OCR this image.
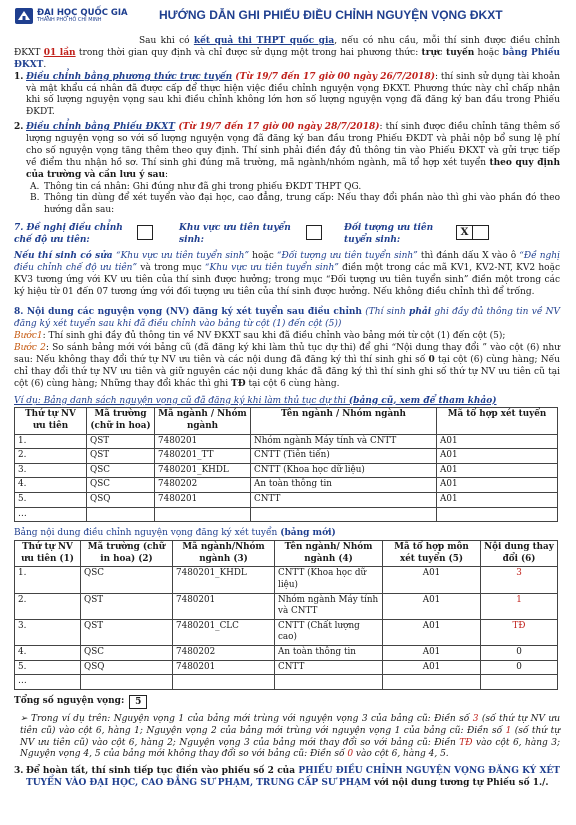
ĐẠI HỌC QUỐC GIA
THÀNH PHỐ HỒ CHÍ MINH	HƯỚNG DẪN GHI PHIẾU ĐIỀU CHỈNH NGUYỆN VỌNG ĐKXT

Sau khi có kết quả thi THPT quốc gia, nếu có nhu cầu, mỗi thí sinh được điều chỉnh ĐKXT 01 lần trong thời gian quy định và chỉ được sử dụng một trong hai phương thức: trực tuyến hoặc bằng Phiếu ĐKXT.

1. Điều chỉnh bằng phương thức trực tuyến (Từ 19/7 đến 17 giờ 00 ngày 26/7/2018): thí sinh sử dụng tài khoản và mật khẩu cá nhân đã được cấp để thực hiện việc điều chỉnh nguyện vọng ĐKXT. Phương thức này chỉ chấp nhận khi số lượng nguyện vọng sau khi điều chỉnh không lớn hơn số lượng nguyện vọng đã đăng ký ban đầu trong Phiếu ĐKDT.

2. Điều chỉnh bằng Phiếu ĐKXT (Từ 19/7 đến 17 giờ 00 ngày 28/7/2018): thí sinh được điều chỉnh tăng thêm số lượng nguyện vọng so với số lượng nguyện vọng đã đăng ký ban đầu trong Phiếu ĐKDT và phải nộp bổ sung lệ phí cho số nguyện vọng tăng thêm theo quy định. Thí sinh phải điền đầy đủ thông tin vào Phiếu ĐKXT và gửi trực tiếp về điểm thu nhận hồ sơ. Thí sinh ghi đúng mã trường, mã ngành/nhóm ngành, mã tổ hợp xét tuyển theo quy định của trường và cần lưu ý sau:

A. Thông tin cá nhân: Ghi đúng như đã ghi trong phiếu ĐKDT THPT QG.

B. Thông tin dùng để xét tuyển vào đại học, cao đẳng, trung cấp: Nếu thay đổi phần nào thì ghi vào phần đó theo hướng dẫn sau:

7. Đề nghị điều chỉnh chế độ ưu tiên:
Khu vực ưu tiên tuyển sinh:
Đối tượng ưu tiên tuyển sinh:
X

Nếu thí sinh có sửa “Khu vực ưu tiên tuyển sinh” hoặc “Đối tượng ưu tiên tuyển sinh” thì đánh dấu X vào ô “Đề nghị điều chỉnh chế độ ưu tiên” và trong mục “Khu vực ưu tiên tuyển sinh” điền một trong các mã KV1, KV2-NT, KV2 hoặc KV3 tương ứng với KV ưu tiên của thí sinh được hưởng; trong mục “Đối tượng ưu tiên tuyển sinh” điền một trong các ký hiệu từ 01 đến 07 tương ứng với đối tượng ưu tiên của thí sinh được hưởng. Nếu không điều chỉnh thì để trống.

8. Nội dung các nguyện vọng (NV) đăng ký xét tuyển sau điều chỉnh (Thí sinh phải ghi đầy đủ thông tin về NV đăng ký xét tuyển sau khi đã điều chỉnh vào bảng từ cột (1) đến cột (5))

Bước1: Thí sinh ghi đầy đủ thông tin về NV ĐKXT sau khi đã điều chỉnh vào bảng mới từ cột (1) đến cột (5);

Bước 2: So sánh bảng mới với bảng cũ (đã đăng ký khi làm thủ tục dự thi) để ghi “Nội dung thay đổi ” vào cột (6) như sau: Nếu không thay đổi thứ tự NV ưu tiên và các nội dung đã đăng ký thì thí sinh ghi số 0 tại cột (6) cùng hàng; Nếu chỉ thay đổi thứ tự NV ưu tiên và giữ nguyên các nội dung khác đã đăng ký thì thí sinh ghi số thứ tự NV ưu tiên cũ tại cột (6) cùng hàng; Những thay đổi khác thì ghi TĐ tại cột 6 cùng hàng.

Ví dụ: Bảng danh sách nguyện vọng cũ đã đăng ký khi làm thủ tục dự thi (bảng cũ, xem để tham khảo)

Thứ tự NV ưu tiên	Mã trường (chữ in hoa)	Mã ngành / Nhóm ngành	Tên ngành / Nhóm ngành	Mã tổ hợp xét tuyển
1.	QST	7480201	Nhóm ngành Máy tính và CNTT	A01
2.	QST	7480201_TT	CNTT (Tiên tiến)	A01
3.	QSC	7480201_KHDL	CNTT (Khoa học dữ liệu)	A01
4.	QSC	7480202	An toàn thông tin	A01
5.	QSQ	7480201	CNTT	A01
…				

Bảng nội dung điều chỉnh nguyện vọng đăng ký xét tuyển (bảng mới)

Thứ tự NV ưu tiên (1)	Mã trường (chữ in hoa) (2)	Mã ngành/Nhóm ngành (3)	Tên ngành/ Nhóm ngành (4)	Mã tổ hợp môn xét tuyển (5)	Nội dung thay đổi (6)
1.	QSC	7480201_KHDL	CNTT (Khoa học dữ liệu)	A01	3
2.	QST	7480201	Nhóm ngành Máy tính và CNTT	A01	1
3.	QST	7480201_CLC	CNTT (Chất lượng cao)	A01	TĐ
4.	QSC	7480202	An toàn thông tin	A01	0
5.	QSQ	7480201	CNTT	A01	0
…					
Tổng số nguyện vọng:	5

➢ Trong ví dụ trên: Nguyện vọng 1 của bảng mới trùng với nguyện vọng 3 của bảng cũ: Điền số 3 (số thứ tự NV ưu tiên cũ) vào cột 6, hàng 1; Nguyện vọng 2 của bảng mới trùng với nguyện vọng 1 của bảng cũ: Điền số 1 (số thứ tự NV ưu tiên cũ) vào cột 6, hàng 2; Nguyện vọng 3 của bảng mới thay đổi so với bảng cũ: Điền TĐ vào cột 6, hàng 3; Nguyện vọng 4, 5 của bảng mới không thay đổi so với bảng cũ: Điền số 0 vào cột 6, hàng 4, 5.

3. Để hoàn tất, thí sinh tiếp tục điền vào phiếu số 2 của PHIẾU ĐIỀU CHỈNH NGUYỆN VỌNG ĐĂNG KÝ XÉT TUYỂN VÀO ĐẠI HỌC, CAO ĐẲNG SƯ PHẠM, TRUNG CẤP SƯ PHẠM với nội dung tương tự Phiếu số 1./.
